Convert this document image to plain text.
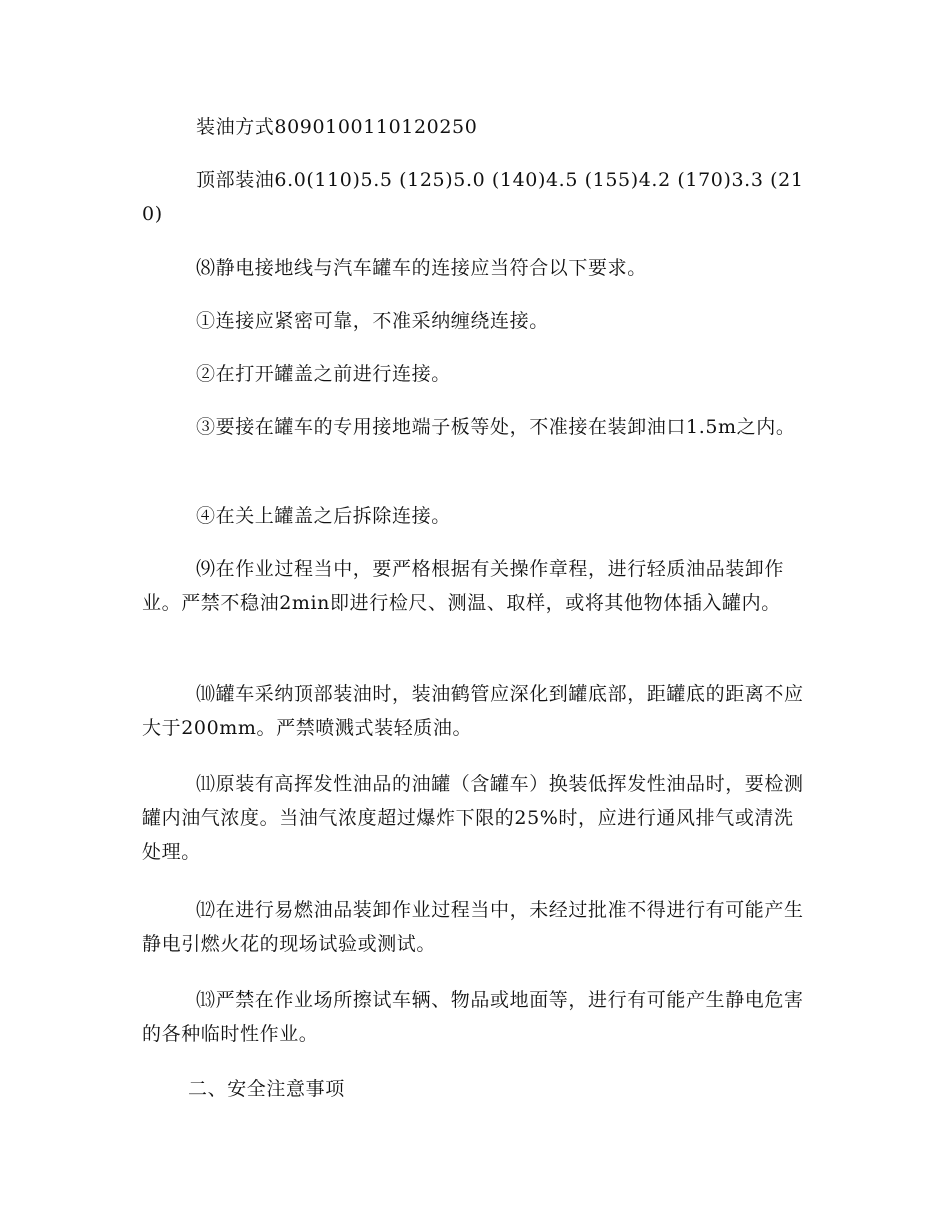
装油方式8090100110120250

顶部装油6.0(110)5.5 (125)5.0 (140)4.5 (155)4.2 (170)3.3 (210)

⑻静电接地线与汽车罐车的连接应当符合以下要求。

①连接应紧密可靠，不准采纳缠绕连接。

②在打开罐盖之前进行连接。

③要接在罐车的专用接地端子板等处，不准接在装卸油口1.5m之内。

④在关上罐盖之后拆除连接。

⑼在作业过程当中，要严格根据有关操作章程，进行轻质油品装卸作业。严禁不稳油2min即进行检尺、测温、取样，或将其他物体插入罐内。

⑽罐车采纳顶部装油时，装油鹤管应深化到罐底部，距罐底的距离不应大于200mm。严禁喷溅式装轻质油。

⑾原装有高挥发性油品的油罐（含罐车）换装低挥发性油品时，要检测罐内油气浓度。当油气浓度超过爆炸下限的25%时，应进行通风排气或清洗处理。

⑿在进行易燃油品装卸作业过程当中，未经过批准不得进行有可能产生静电引燃火花的现场试验或测试。

⒀严禁在作业场所擦试车辆、物品或地面等，进行有可能产生静电危害的各种临时性作业。

二、安全注意事项
